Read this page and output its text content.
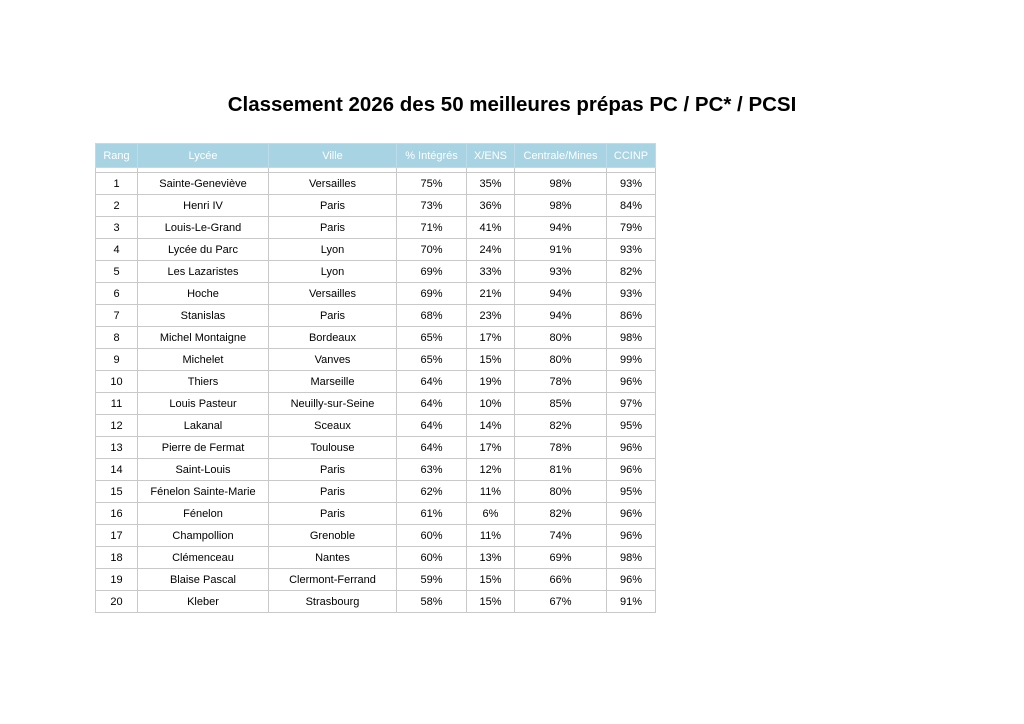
Classement 2026 des 50 meilleures prépas PC / PC* / PCSI
Rang	Lycée	Ville	% Intégrés	X/ENS	Centrale/Mines	CCINP

1	Sainte-Geneviève	Versailles	75%	35%	98%	93%
2	Henri IV	Paris	73%	36%	98%	84%
3	Louis-Le-Grand	Paris	71%	41%	94%	79%
4	Lycée du Parc	Lyon	70%	24%	91%	93%
5	Les Lazaristes	Lyon	69%	33%	93%	82%
6	Hoche	Versailles	69%	21%	94%	93%
7	Stanislas	Paris	68%	23%	94%	86%
8	Michel Montaigne	Bordeaux	65%	17%	80%	98%
9	Michelet	Vanves	65%	15%	80%	99%
10	Thiers	Marseille	64%	19%	78%	96%
11	Louis Pasteur	Neuilly-sur-Seine	64%	10%	85%	97%
12	Lakanal	Sceaux	64%	14%	82%	95%
13	Pierre de Fermat	Toulouse	64%	17%	78%	96%
14	Saint-Louis	Paris	63%	12%	81%	96%
15	Fénelon Sainte-Marie	Paris	62%	11%	80%	95%
16	Fénelon	Paris	61%	6%	82%	96%
17	Champollion	Grenoble	60%	11%	74%	96%
18	Clémenceau	Nantes	60%	13%	69%	98%
19	Blaise Pascal	Clermont-Ferrand	59%	15%	66%	96%
20	Kleber	Strasbourg	58%	15%	67%	91%
